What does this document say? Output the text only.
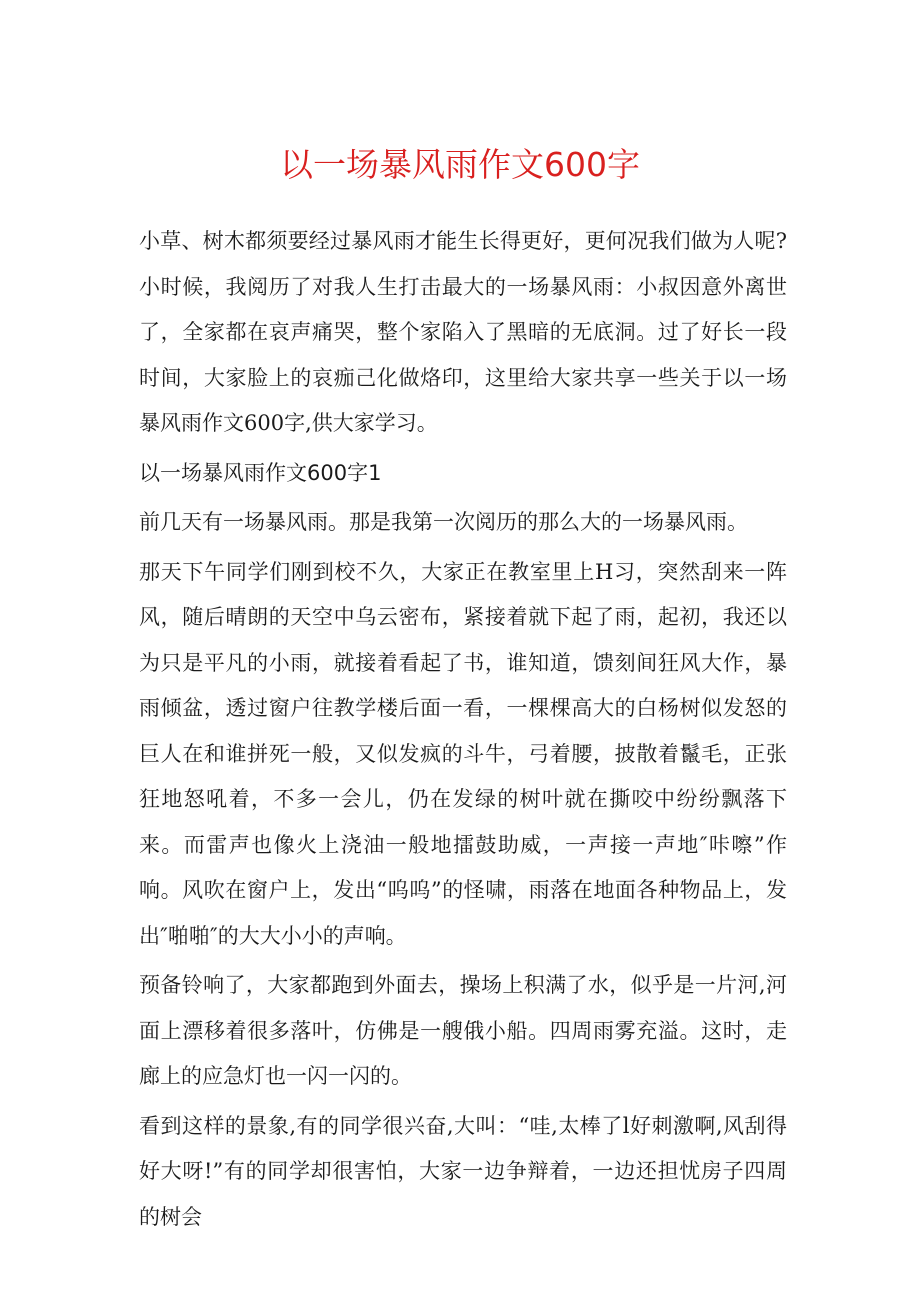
以一场暴风雨作文600字

小草、树木都须要经过暴风雨才能生长得更好，更何况我们做为人呢?小时候，我阅历了对我人生打击最大的一场暴风雨：小叔因意外离世了，全家都在哀声痛哭，整个家陷入了黑暗的无底洞。过了好长一段时间，大家脸上的哀痂己化做烙印，这里给大家共享一些关于以一场暴风雨作文600字,供大家学习。

以一场暴风雨作文600字1

前几天有一场暴风雨。那是我第一次阅历的那么大的一场暴风雨。

那天下午同学们刚到校不久，大家正在教室里上H习，突然刮来一阵风，随后晴朗的天空中乌云密布，紧接着就下起了雨，起初，我还以为只是平凡的小雨，就接着看起了书，谁知道，馈刻间狂风大作，暴雨倾盆，透过窗户往教学楼后面一看，一棵棵高大的白杨树似发怒的巨人在和谁拼死一般，又似发疯的斗牛，弓着腰，披散着鬣毛，正张狂地怒吼着，不多一会儿，仍在发绿的树叶就在撕咬中纷纷飘落下来。而雷声也像火上浇油一般地擂鼓助威，一声接一声地″咔嚓”作响。风吹在窗户上，发出“呜呜”的怪啸，雨落在地面各种物品上，发出″啪啪″的大大小小的声响。

预备铃响了，大家都跑到外面去，操场上积满了水，似乎是一片河,河面上漂移着很多落叶，仿佛是一艘俄小船。四周雨雾充溢。这时，走廊上的应急灯也一闪一闪的。

看到这样的景象,有的同学很兴奋,大叫：“哇,太棒了l好刺激啊,风刮得好大呀!”有的同学却很害怕，大家一边争辩着，一边还担忧房子四周的树会
